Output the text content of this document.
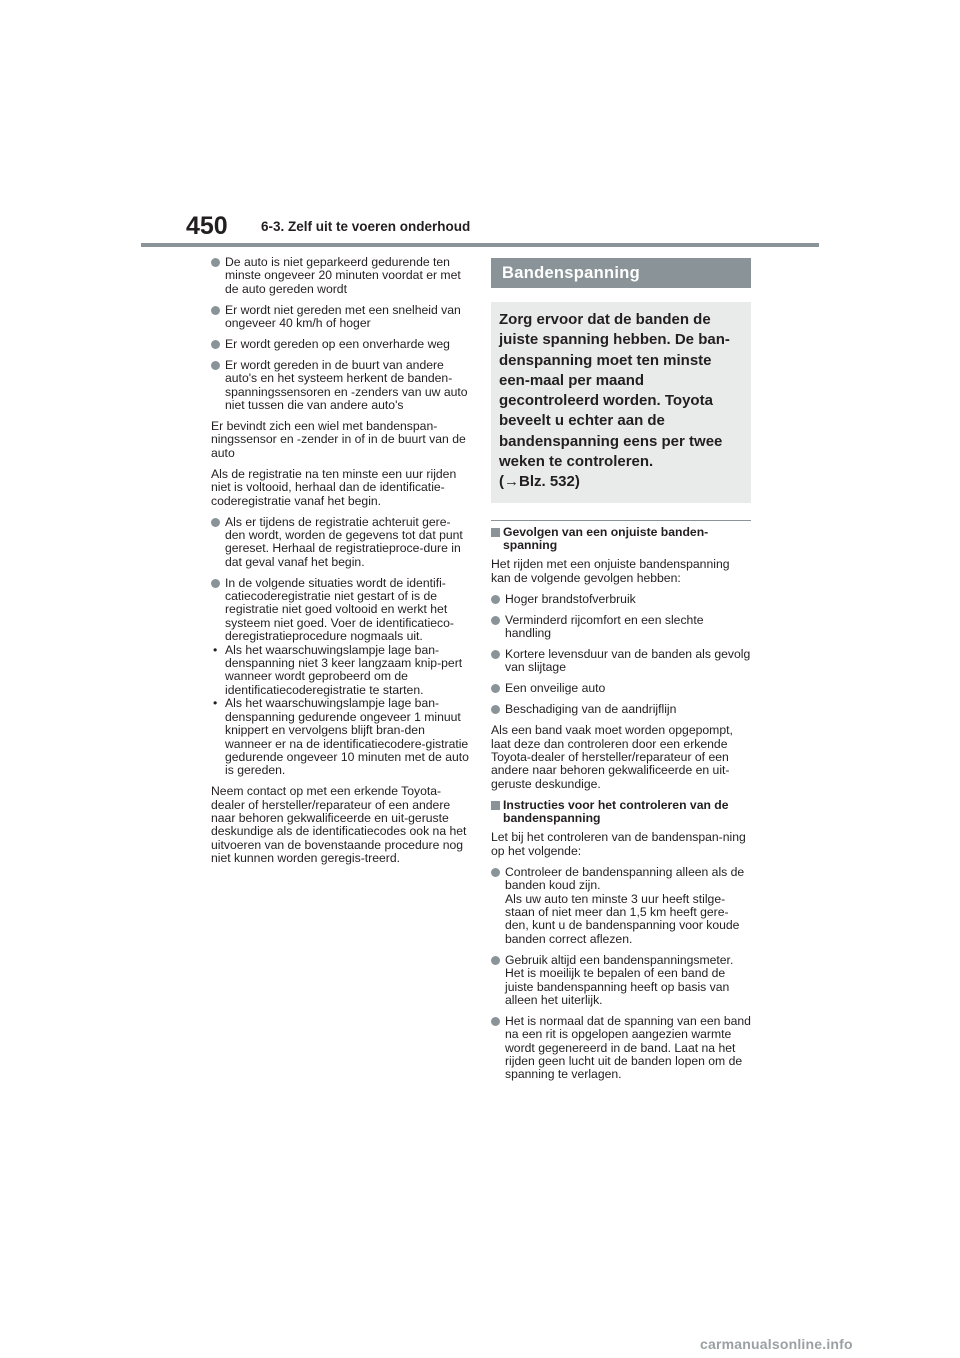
450 6-3. Zelf uit te voeren onderhoud
De auto is niet geparkeerd gedurende ten minste ongeveer 20 minuten voordat er met de auto gereden wordt
Er wordt niet gereden met een snelheid van ongeveer 40 km/h of hoger
Er wordt gereden op een onverharde weg
Er wordt gereden in de buurt van andere auto's en het systeem herkent de banden-spanningssensoren en -zenders van uw auto niet tussen die van andere auto's

Er bevindt zich een wiel met bandenspan-ningssensor en -zender in of in de buurt van de auto

Als de registratie na ten minste een uur rijden niet is voltooid, herhaal dan de identificatie-coderegistratie vanaf het begin.

Als er tijdens de registratie achteruit gere-den wordt, worden de gegevens tot dat punt gereset. Herhaal de registratieproce-dure in dat geval vanaf het begin.
In de volgende situaties wordt de identifi-catiecoderegistratie niet gestart of is de registratie niet goed voltooid en werkt het systeem niet goed. Voer de identificatieco-deregistratieprocedure nogmaals uit.
• Als het waarschuwingslampje lage ban-denspanning niet 3 keer langzaam knip-pert wanneer wordt geprobeerd om de identificatiecoderegistratie te starten.
• Als het waarschuwingslampje lage ban-denspanning gedurende ongeveer 1 minuut knippert en vervolgens blijft bran-den wanneer er na de identificatiecodere-gistratie gedurende ongeveer 10 minuten met de auto is gereden.

Neem contact op met een erkende Toyota-dealer of hersteller/reparateur of een andere naar behoren gekwalificeerde en uit-geruste deskundige als de identificatiecodes ook na het uitvoeren van de bovenstaande procedure nog niet kunnen worden geregis-treerd.

Bandenspanning
Zorg ervoor dat de banden de juiste spanning hebben. De ban-denspanning moet ten minste een-maal per maand gecontroleerd worden. Toyota beveelt u echter aan de bandenspanning eens per twee weken te controleren.
(→Blz. 532)
Gevolgen van een onjuiste banden-spanning

Het rijden met een onjuiste bandenspanning kan de volgende gevolgen hebben:

Hoger brandstofverbruik
Verminderd rijcomfort en een slechte handling
Kortere levensduur van de banden als gevolg van slijtage
Een onveilige auto
Beschadiging van de aandrijflijn

Als een band vaak moet worden opgepompt, laat deze dan controleren door een erkende Toyota-dealer of hersteller/reparateur of een andere naar behoren gekwalificeerde en uit-geruste deskundige.

Instructies voor het controleren van de bandenspanning

Let bij het controleren van de bandenspan-ning op het volgende:

Controleer de bandenspanning alleen als de banden koud zijn.
Als uw auto ten minste 3 uur heeft stilge-staan of niet meer dan 1,5 km heeft gere-den, kunt u de bandenspanning voor koude banden correct aflezen.
Gebruik altijd een bandenspanningsmeter. Het is moeilijk te bepalen of een band de juiste bandenspanning heeft op basis van alleen het uiterlijk.
Het is normaal dat de spanning van een band na een rit is opgelopen aangezien warmte wordt gegenereerd in de band. Laat na het rijden geen lucht uit de banden lopen om de spanning te verlagen.
carmanualsonline.info
